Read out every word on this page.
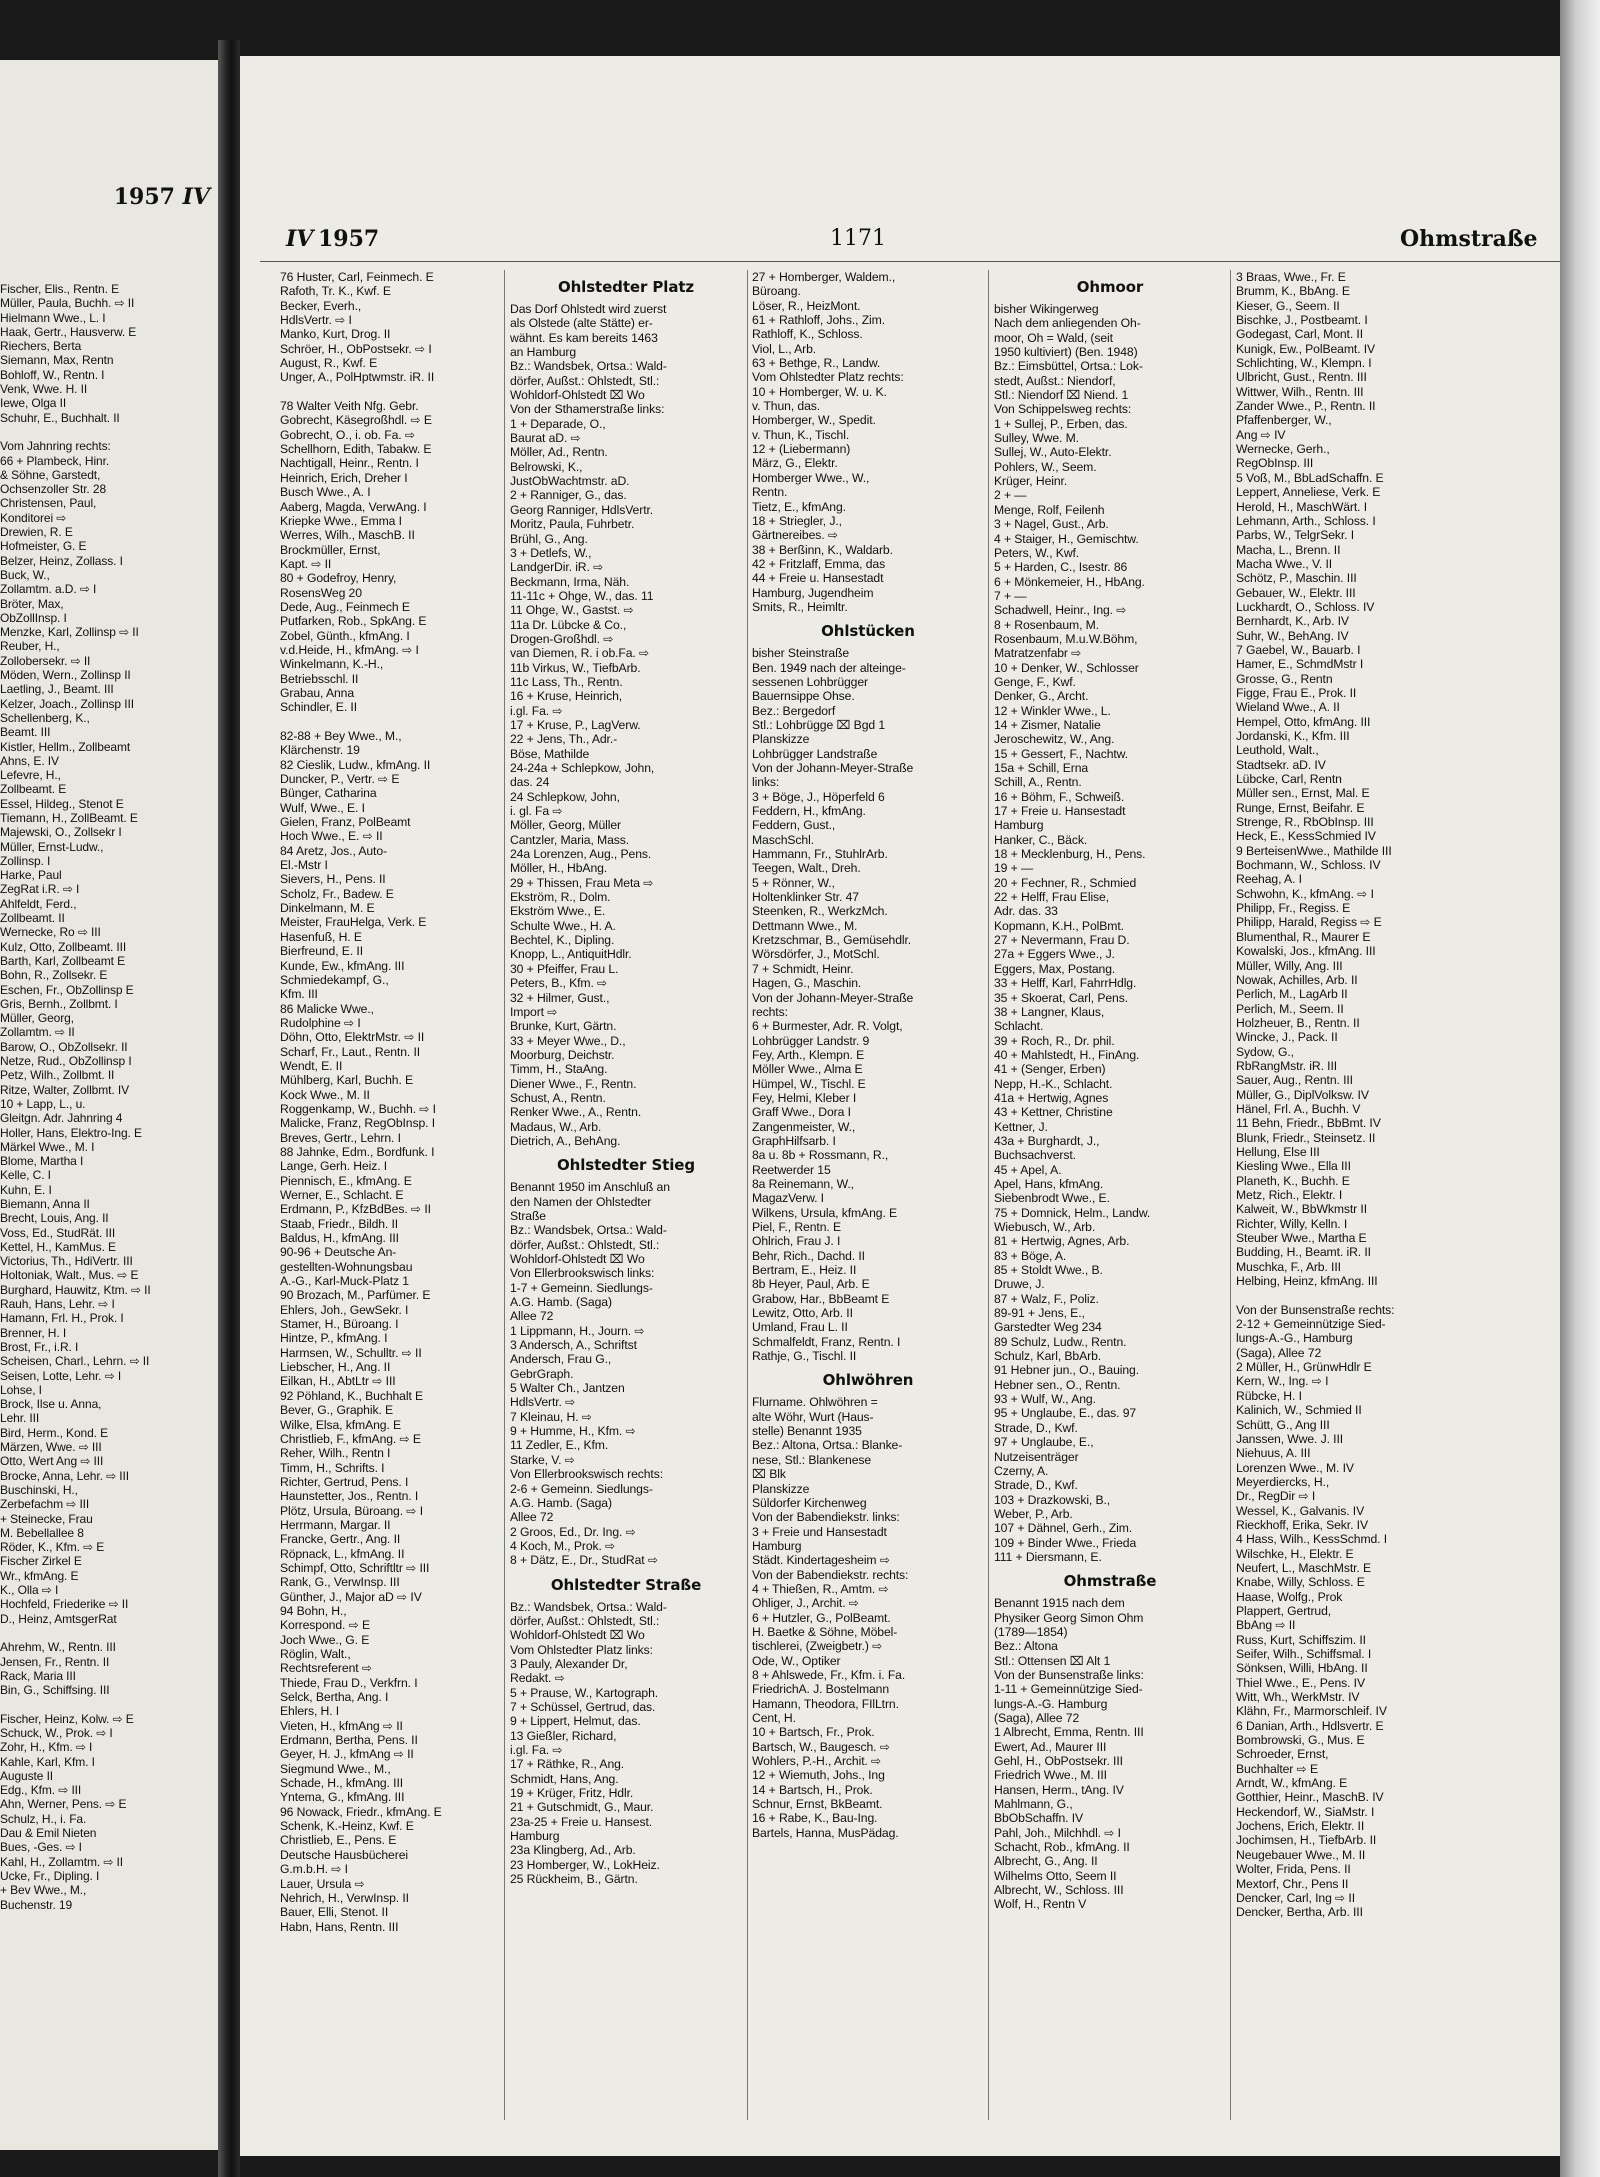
1957 IV

Fischer, Elis., Rentn. E

Müller, Paula, Buchh. ⇨ II

Hielmann Wwe., L. I

Haak, Gertr., Hausverw. E

Riechers, Berta

Siemann, Max, Rentn

Bohloff, W., Rentn. I

Venk, Wwe. H. II

Iewe, Olga II

Schuhr, E., Buchhalt. II

Vom Jahnring rechts:

66 + Plambeck, Hinr.

& Söhne, Garstedt,

Ochsenzoller Str. 28

Christensen, Paul,

Konditorei ⇨

Drewien, R. E

Hofmeister, G. E

Belzer, Heinz, Zollass. I

Buck, W.,

Zollamtm. a.D. ⇨ I

Bröter, Max,

ObZollInsp. I

Menzke, Karl, Zollinsp ⇨ II

Reuber, H.,

Zollobersekr. ⇨ II

Möden, Wern., Zollinsp II

Laetling, J., Beamt. III

Kelzer, Joach., Zollinsp III

Schellenberg, K.,

Beamt. III

Kistler, Hellm., Zollbeamt

Ahns, E. IV

Lefevre, H.,

Zollbeamt. E

Essel, Hildeg., Stenot E

Tiemann, H., ZollBeamt. E

Majewski, O., Zollsekr I

Müller, Ernst-Ludw.,

Zollinsp. I

Harke, Paul

ZegRat i.R. ⇨ I

Ahlfeldt, Ferd.,

Zollbeamt. II

Wernecke, Ro ⇨ III

Kulz, Otto, Zollbeamt. III

Barth, Karl, Zollbeamt E

Bohn, R., Zollsekr. E

Eschen, Fr., ObZollinsp E

Gris, Bernh., Zollbmt. I

Müller, Georg,

Zollamtm. ⇨ II

Barow, O., ObZollsekr. II

Netze, Rud., ObZollinsp I

Petz, Wilh., Zollbmt. II

Ritze, Walter, Zollbmt. IV

10 + Lapp, L., u.

Gleitgn. Adr. Jahnring 4

Holler, Hans, Elektro-Ing. E

Märkel Wwe., M. I

Blome, Martha I

Kelle, C. I

Kuhn, E. I

Biemann, Anna II

Brecht, Louis, Ang. II

Voss, Ed., StudRät. III

Kettel, H., KamMus. E

Victorius, Th., HdiVertr. III

Holtoniak, Walt., Mus. ⇨ E

Burghard, Hauwitz, Ktm. ⇨ II

Rauh, Hans, Lehr. ⇨ I

Hamann, Frl. H., Prok. I

Brenner, H. I

Brost, Fr., i.R. I

Scheisen, Charl., Lehrn. ⇨ II

Seisen, Lotte, Lehr. ⇨ I

Lohse, I

Brock, Ilse u. Anna,

Lehr. III

Bird, Herm., Kond. E

Märzen, Wwe. ⇨ III

Otto, Wert Ang ⇨ III

Brocke, Anna, Lehr. ⇨ III

Buschinski, H.,

Zerbefachm ⇨ III

+ Steinecke, Frau

M. Bebellallee 8

Röder, K., Kfm. ⇨ E

Fischer Zirkel E

Wr., kfmAng. E

K., Olla ⇨ I

Hochfeld, Friederike ⇨ II

D., Heinz, AmtsgerRat

Ahrehm, W., Rentn. III

Jensen, Fr., Rentn. II

Rack, Maria III

Bin, G., Schiffsing. III

Fischer, Heinz, Kolw. ⇨ E

Schuck, W., Prok. ⇨ I

Zohr, H., Kfm. ⇨ I

Kahle, Karl, Kfm. I

Auguste II

Edg., Kfm. ⇨ III

Ahn, Werner, Pens. ⇨ E

Schulz, H., i. Fa.

Dau & Emil Nieten

Bues, -Ges. ⇨ I

Kahl, H., Zollamtm. ⇨ II

Ucke, Fr., Dipling. I

+ Bev Wwe., M.,

Buchenstr. 19

IV 1957	1171	Ohmstraße

76 Huster, Carl, Feinmech. E

Rafoth, Tr. K., Kwf. E

Becker, Everh.,

HdlsVertr. ⇨ I

Manko, Kurt, Drog. II

Schröer, H., ObPostsekr. ⇨ I

August, R., Kwf. E

Unger, A., PolHptwmstr. iR. II

78 Walter Veith Nfg. Gebr.

Gobrecht, Käsegroßhdl. ⇨ E

Gobrecht, O., i. ob. Fa. ⇨

Schellhorn, Edith, Tabakw. E

Nachtigall, Heinr., Rentn. I

Heinrich, Erich, Dreher I

Busch Wwe., A. I

Aaberg, Magda, VerwAng. I

Kriepke Wwe., Emma I

Werres, Wilh., MaschB. II

Brockmüller, Ernst,

Kapt. ⇨ II

80 + Godefroy, Henry,

RosensWeg 20

Dede, Aug., Feinmech E

Putfarken, Rob., SpkAng. E

Zobel, Günth., kfmAng. I

v.d.Heide, H., kfmAng. ⇨ I

Winkelmann, K.-H.,

Betriebsschl. II

Grabau, Anna

Schindler, E. II

82-88 + Bey Wwe., M.,

Klärchenstr. 19

82 Cieslik, Ludw., kfmAng. II

Duncker, P., Vertr. ⇨ E

Bünger, Catharina

Wulf, Wwe., E. I

Gielen, Franz, PolBeamt

Hoch Wwe., E. ⇨ II

84 Aretz, Jos., Auto-

El.-Mstr I

Sievers, H., Pens. II

Scholz, Fr., Badew. E

Dinkelmann, M. E

Meister, FrauHelga, Verk. E

Hasenfuß, H. E

Bierfreund, E. II

Kunde, Ew., kfmAng. III

Schmiedekampf, G.,

Kfm. III

86 Malicke Wwe.,

Rudolphine ⇨ I

Döhn, Otto, ElektrMstr. ⇨ II

Scharf, Fr., Laut., Rentn. II

Wendt, E. II

Mühlberg, Karl, Buchh. E

Kock Wwe., M. II

Roggenkamp, W., Buchh. ⇨ I

Malicke, Franz, RegObInsp. I

Breves, Gertr., Lehrn. I

88 Jahnke, Edm., Bordfunk. I

Lange, Gerh. Heiz. I

Piennisch, E., kfmAng. E

Werner, E., Schlacht. E

Erdmann, P., KfzBdBes. ⇨ II

Staab, Friedr., Bildh. II

Baldus, H., kfmAng. III

90-96 + Deutsche An-

gestellten-Wohnungsbau

A.-G., Karl-Muck-Platz 1

90 Brozach, M., Parfümer. E

Ehlers, Joh., GewSekr. I

Stamer, H., Büroang. I

Hintze, P., kfmAng. I

Harmsen, W., Schulltr. ⇨ II

Liebscher, H., Ang. II

Eilkan, H., AbtLtr ⇨ III

92 Pöhland, K., Buchhalt E

Bever, G., Graphik. E

Wilke, Elsa, kfmAng. E

Christlieb, F., kfmAng. ⇨ E

Reher, Wilh., Rentn I

Timm, H., Schrifts. I

Richter, Gertrud, Pens. I

Haunstetter, Jos., Rentn. I

Plötz, Ursula, Büroang. ⇨ I

Herrmann, Margar. II

Francke, Gertr., Ang. II

Röpnack, L., kfmAng. II

Schimpf, Otto, Schriftltr ⇨ III

Rank, G., VerwInsp. III

Günther, J., Major aD ⇨ IV

94 Bohn, H.,

Korrespond. ⇨ E

Joch Wwe., G. E

Röglin, Walt.,

Rechtsreferent ⇨

Thiede, Frau D., Verkfrn. I

Selck, Bertha, Ang. I

Ehlers, H. I

Vieten, H., kfmAng ⇨ II

Erdmann, Bertha, Pens. II

Geyer, H. J., kfmAng ⇨ II

Siegmund Wwe., M.,

Schade, H., kfmAng. III

Yntema, G., kfmAng. III

96 Nowack, Friedr., kfmAng. E

Schenk, K.-Heinz, Kwf. E

Christlieb, E., Pens. E

Deutsche Hausbücherei

G.m.b.H. ⇨ I

Lauer, Ursula ⇨

Nehrich, H., VerwInsp. II

Bauer, Elli, Stenot. II

Habn, Hans, Rentn. III

Ohlstedter Platz

Das Dorf Ohlstedt wird zuerst

als Olstede (alte Stätte) er-

wähnt. Es kam bereits 1463

an Hamburg

Bz.: Wandsbek, Ortsa.: Wald-

dörfer, Außst.: Ohlstedt, Stl.:

Wohldorf-Ohlstedt ⌧ Wo

Von der Sthamerstraße links:

1 + Deparade, O.,

Baurat aD. ⇨

Möller, Ad., Rentn.

Belrowski, K.,

JustObWachtmstr. aD.

2 + Ranniger, G., das.

Georg Ranniger, HdlsVertr.

Moritz, Paula, Fuhrbetr.

Brühl, G., Ang.

3 + Detlefs, W.,

LandgerDir. iR. ⇨

Beckmann, Irma, Näh.

11-11c + Ohge, W., das. 11

11 Ohge, W., Gastst. ⇨

11a Dr. Lübcke & Co.,

Drogen-Großhdl. ⇨

van Diemen, R. i ob.Fa. ⇨

11b Virkus, W., TiefbArb.

11c Lass, Th., Rentn.

16 + Kruse, Heinrich,

i.gl. Fa. ⇨

17 + Kruse, P., LagVerw.

22 + Jens, Th., Adr.-

Böse, Mathilde

24-24a + Schlepkow, John,

das. 24

24 Schlepkow, John,

i. gl. Fa ⇨

Möller, Georg, Müller

Cantzler, Maria, Mass.

24a Lorenzen, Aug., Pens.

Möller, H., HbAng.

29 + Thissen, Frau Meta ⇨

Ekström, R., Dolm.

Ekström Wwe., E.

Schulte Wwe., H. A.

Bechtel, K., Dipling.

Knopp, L., AntiquitHdlr.

30 + Pfeiffer, Frau L.

Peters, B., Kfm. ⇨

32 + Hilmer, Gust.,

Import ⇨

Brunke, Kurt, Gärtn.

33 + Meyer Wwe., D.,

Moorburg, Deichstr.

Timm, H., StaAng.

Diener Wwe., F., Rentn.

Schust, A., Rentn.

Renker Wwe., A., Rentn.

Madaus, W., Arb.

Dietrich, A., BehAng.

Ohlstedter Stieg

Benannt 1950 im Anschluß an

den Namen der Ohlstedter

Straße

Bz.: Wandsbek, Ortsa.: Wald-

dörfer, Außst.: Ohlstedt, Stl.:

Wohldorf-Ohlstedt ⌧ Wo

Von Ellerbrookswisch links:

1-7 + Gemeinn. Siedlungs-

A.G. Hamb. (Saga)

Allee 72

1 Lippmann, H., Journ. ⇨

3 Andersch, A., Schriftst

Andersch, Frau G.,

GebrGraph.

5 Walter Ch., Jantzen

HdlsVertr. ⇨

7 Kleinau, H. ⇨

9 + Humme, H., Kfm. ⇨

11 Zedler, E., Kfm.

Starke, V. ⇨

Von Ellerbrookswisch rechts:

2-6 + Gemeinn. Siedlungs-

A.G. Hamb. (Saga)

Allee 72

2 Groos, Ed., Dr. Ing. ⇨

4 Koch, M., Prok. ⇨

8 + Dätz, E., Dr., StudRat ⇨

Ohlstedter Straße

Bz.: Wandsbek, Ortsa.: Wald-

dörfer, Außst.: Ohlstedt, Stl.:

Wohldorf-Ohlstedt ⌧ Wo

Vom Ohlstedter Platz links:

3 Pauly, Alexander Dr,

Redakt. ⇨

5 + Prause, W., Kartograph.

7 + Schüssel, Gertrud, das.

9 + Lippert, Helmut, das.

13 Gießler, Richard,

i.gl. Fa. ⇨

17 + Räthke, R., Ang.

Schmidt, Hans, Ang.

19 + Krüger, Fritz, Hdlr.

21 + Gutschmidt, G., Maur.

23a-25 + Freie u. Hansest.

Hamburg

23a Klingberg, Ad., Arb.

23 Homberger, W., LokHeiz.

25 Rückheim, B., Gärtn.

27 + Homberger, Waldem.,

Büroang.

Löser, R., HeizMont.

61 + Rathloff, Johs., Zim.

Rathloff, K., Schloss.

Viol, L., Arb.

63 + Bethge, R., Landw.

Vom Ohlstedter Platz rechts:

10 + Homberger, W. u. K.

v. Thun, das.

Homberger, W., Spedit.

v. Thun, K., Tischl.

12 + (Liebermann)

März, G., Elektr.

Homberger Wwe., W.,

Rentn.

Tietz, E., kfmAng.

18 + Striegler, J.,

Gärtnereibes. ⇨

38 + Berßinn, K., Waldarb.

42 + Fritzlaff, Emma, das

44 + Freie u. Hansestadt

Hamburg, Jugendheim

Smits, R., Heimltr.

Ohlstücken

bisher Steinstraße

Ben. 1949 nach der alteinge-

sessenen Lohbrügger

Bauernsippe Ohse.

Bez.: Bergedorf

Stl.: Lohbrügge ⌧ Bgd 1

Planskizze

Lohbrügger Landstraße

Von der Johann-Meyer-Straße

links:

3 + Böge, J., Höperfeld 6

Feddern, H., kfmAng.

Feddern, Gust.,

MaschSchl.

Hammann, Fr., StuhlrArb.

Teegen, Walt., Dreh.

5 + Rönner, W.,

Holtenklinker Str. 47

Steenken, R., WerkzMch.

Dettmann Wwe., M.

Kretzschmar, B., Gemüsehdlr.

Wörsdörfer, J., MotSchl.

7 + Schmidt, Heinr.

Hagen, G., Maschin.

Von der Johann-Meyer-Straße

rechts:

6 + Burmester, Adr. R. Volgt,

Lohbrügger Landstr. 9

Fey, Arth., Klempn. E

Möller Wwe., Alma E

Hümpel, W., Tischl. E

Fey, Helmi, Kleber I

Graff Wwe., Dora I

Zangenmeister, W.,

GraphHilfsarb. I

8a u. 8b + Rossmann, R.,

Reetwerder 15

8a Reinemann, W.,

MagazVerw. I

Wilkens, Ursula, kfmAng. E

Piel, F., Rentn. E

Ohlrich, Frau J. I

Behr, Rich., Dachd. II

Bertram, E., Heiz. II

8b Heyer, Paul, Arb. E

Grabow, Har., BbBeamt E

Lewitz, Otto, Arb. II

Umland, Frau L. II

Schmalfeldt, Franz, Rentn. I

Rathje, G., Tischl. II

Ohlwöhren

Flurname. Ohlwöhren =

alte Wöhr, Wurt (Haus-

stelle) Benannt 1935

Bez.: Altona, Ortsa.: Blanke-

nese, Stl.: Blankenese

⌧ Blk

Planskizze

Süldorfer Kirchenweg

Von der Babendiekstr. links:

3 + Freie und Hansestadt

Hamburg

Städt. Kindertagesheim ⇨

Von der Babendiekstr. rechts:

4 + Thießen, R., Amtm. ⇨

Ohliger, J., Archit. ⇨

6 + Hutzler, G., PolBeamt.

H. Baetke & Söhne, Möbel-

tischlerei, (Zweigbetr.) ⇨

Ode, W., Optiker

8 + Ahlswede, Fr., Kfm. i. Fa.

FriedrichA. J. Bostelmann

Hamann, Theodora, FIlLtrn.

Cent, H.

10 + Bartsch, Fr., Prok.

Bartsch, W., Baugesch. ⇨

Wohlers, P.-H., Archit. ⇨

12 + Wiemuth, Johs., Ing

14 + Bartsch, H., Prok.

Schnur, Ernst, BkBeamt.

16 + Rabe, K., Bau-Ing.

Bartels, Hanna, MusPädag.

Ohmoor

bisher Wikingerweg

Nach dem anliegenden Oh-

moor, Oh = Wald, (seit

1950 kultiviert) (Ben. 1948)

Bz.: Eimsbüttel, Ortsa.: Lok-

stedt, Außst.: Niendorf,

Stl.: Niendorf ⌧ Niend. 1

Von Schippelsweg rechts:

1 + Sullej, P., Erben, das.

Sulley, Wwe. M.

Sullej, W., Auto-Elektr.

Pohlers, W., Seem.

Krüger, Heinr.

2 + —

Menge, Rolf, Feilenh

3 + Nagel, Gust., Arb.

4 + Staiger, H., Gemischtw.

Peters, W., Kwf.

5 + Harden, C., Isestr. 86

6 + Mönkemeier, H., HbAng.

7 + —

Schadwell, Heinr., Ing. ⇨

8 + Rosenbaum, M.

Rosenbaum, M.u.W.Böhm,

Matratzenfabr ⇨

10 + Denker, W., Schlosser

Genge, F., Kwf.

Denker, G., Archt.

12 + Winkler Wwe., L.

14 + Zismer, Natalie

Jeroschewitz, W., Ang.

15 + Gessert, F., Nachtw.

15a + Schill, Erna

Schill, A., Rentn.

16 + Böhm, F., Schweiß.

17 + Freie u. Hansestadt

Hamburg

Hanker, C., Bäck.

18 + Mecklenburg, H., Pens.

19 + —

20 + Fechner, R., Schmied

22 + Helff, Frau Elise,

Adr. das. 33

Kopmann, K.H., PolBmt.

27 + Nevermann, Frau D.

27a + Eggers Wwe., J.

Eggers, Max, Postang.

33 + Helff, Karl, FahrrHdlg.

35 + Skoerat, Carl, Pens.

38 + Langner, Klaus,

Schlacht.

39 + Roch, R., Dr. phil.

40 + Mahlstedt, H., FinAng.

41 + (Senger, Erben)

Nepp, H.-K., Schlacht.

41a + Hertwig, Agnes

43 + Kettner, Christine

Kettner, J.

43a + Burghardt, J.,

Buchsachverst.

45 + Apel, A.

Apel, Hans, kfmAng.

Siebenbrodt Wwe., E.

75 + Domnick, Helm., Landw.

Wiebusch, W., Arb.

81 + Hertwig, Agnes, Arb.

83 + Böge, A.

85 + Stoldt Wwe., B.

Druwe, J.

87 + Walz, F., Poliz.

89-91 + Jens, E.,

Garstedter Weg 234

89 Schulz, Ludw., Rentn.

Schulz, Karl, BbArb.

91 Hebner jun., O., Bauing.

Hebner sen., O., Rentn.

93 + Wulf, W., Ang.

95 + Unglaube, E., das. 97

Strade, D., Kwf.

97 + Unglaube, E.,

Nutzeisenträger

Czerny, A.

Strade, D., Kwf.

103 + Drazkowski, B.,

Weber, P., Arb.

107 + Dähnel, Gerh., Zim.

109 + Binder Wwe., Frieda

111 + Diersmann, E.

Ohmstraße

Benannt 1915 nach dem

Physiker Georg Simon Ohm

(1789—1854)

Bez.: Altona

Stl.: Ottensen ⌧ Alt 1

Von der Bunsenstraße links:

1-11 + Gemeinnützige Sied-

lungs-A.-G. Hamburg

(Saga), Allee 72

1 Albrecht, Emma, Rentn. III

Ewert, Ad., Maurer III

Gehl, H., ObPostsekr. III

Friedrich Wwe., M. III

Hansen, Herm., tAng. IV

Mahlmann, G.,

BbObSchaffn. IV

Pahl, Joh., Milchhdl. ⇨ I

Schacht, Rob., kfmAng. II

Albrecht, G., Ang. II

Wilhelms Otto, Seem II

Albrecht, W., Schloss. III

Wolf, H., Rentn V

3 Braas, Wwe., Fr. E

Brumm, K., BbAng. E

Kieser, G., Seem. II

Bischke, J., Postbeamt. I

Godegast, Carl, Mont. II

Kunigk, Ew., PolBeamt. IV

Schlichting, W., Klempn. I

Ulbricht, Gust., Rentn. III

Wittwer, Wilh., Rentn. III

Zander Wwe., P., Rentn. II

Pfaffenberger, W.,

Ang ⇨ IV

Wernecke, Gerh.,

RegObInsp. III

5 Voß, M., BbLadSchaffn. E

Leppert, Anneliese, Verk. E

Herold, H., MaschWärt. I

Lehmann, Arth., Schloss. I

Parbs, W., TelgrSekr. I

Macha, L., Brenn. II

Macha Wwe., V. II

Schötz, P., Maschin. III

Gebauer, W., Elektr. III

Luckhardt, O., Schloss. IV

Bernhardt, K., Arb. IV

Suhr, W., BehAng. IV

7 Gaebel, W., Bauarb. I

Hamer, E., SchmdMstr I

Grosse, G., Rentn

Figge, Frau E., Prok. II

Wieland Wwe., A. II

Hempel, Otto, kfmAng. III

Jordanski, K., Kfm. III

Leuthold, Walt.,

Stadtsekr. aD. IV

Lübcke, Carl, Rentn

Müller sen., Ernst, Mal. E

Runge, Ernst, Beifahr. E

Strenge, R., RbObInsp. III

Heck, E., KessSchmied IV

9 BerteisenWwe., Mathilde III

Bochmann, W., Schloss. IV

Reehag, A. I

Schwohn, K., kfmAng. ⇨ I

Philipp, Fr., Regiss. E

Philipp, Harald, Regiss ⇨ E

Blumenthal, R., Maurer E

Kowalski, Jos., kfmAng. III

Müller, Willy, Ang. III

Nowak, Achilles, Arb. II

Perlich, M., LagArb II

Perlich, M., Seem. II

Holzheuer, B., Rentn. II

Wincke, J., Pack. II

Sydow, G.,

RbRangMstr. iR. III

Sauer, Aug., Rentn. III

Müller, G., DiplVolksw. IV

Hänel, Frl. A., Buchh. V

11 Behn, Friedr., BbBmt. IV

Blunk, Friedr., Steinsetz. II

Hellung, Else III

Kiesling Wwe., Ella III

Planeth, K., Buchh. E

Metz, Rich., Elektr. I

Kalweit, W., BbWkmstr II

Richter, Willy, Kelln. I

Steuber Wwe., Martha E

Budding, H., Beamt. iR. II

Muschka, F., Arb. III

Helbing, Heinz, kfmAng. III

Von der Bunsenstraße rechts:

2-12 + Gemeinnützige Sied-

lungs-A.-G., Hamburg

(Saga), Allee 72

2 Müller, H., GrünwHdlr E

Kern, W., Ing. ⇨ I

Rübcke, H. I

Kalinich, W., Schmied II

Schütt, G., Ang III

Janssen, Wwe. J. III

Niehuus, A. III

Lorenzen Wwe., M. IV

Meyerdiercks, H.,

Dr., RegDir ⇨ I

Wessel, K., Galvanis. IV

Rieckhoff, Erika, Sekr. IV

4 Hass, Wilh., KessSchmd. I

Wilschke, H., Elektr. E

Neufert, L., MaschMstr. E

Knabe, Willy, Schloss. E

Haase, Wolfg., Prok

Plappert, Gertrud,

BbAng ⇨ II

Russ, Kurt, Schiffszim. II

Seifer, Wilh., Schiffsmal. I

Sönksen, Willi, HbAng. II

Thiel Wwe., E., Pens. IV

Witt, Wh., WerkMstr. IV

Klähn, Fr., Marmorschleif. IV

6 Danian, Arth., Hdlsvertr. E

Bombrowski, G., Mus. E

Schroeder, Ernst,

Buchhalter ⇨ E

Arndt, W., kfmAng. E

Gotthier, Heinr., MaschB. IV

Heckendorf, W., SiaMstr. I

Jochens, Erich, Elektr. II

Jochimsen, H., TiefbArb. II

Neugebauer Wwe., M. II

Wolter, Frida, Pens. II

Mextorf, Chr., Pens II

Dencker, Carl, Ing ⇨ II

Dencker, Bertha, Arb. III
